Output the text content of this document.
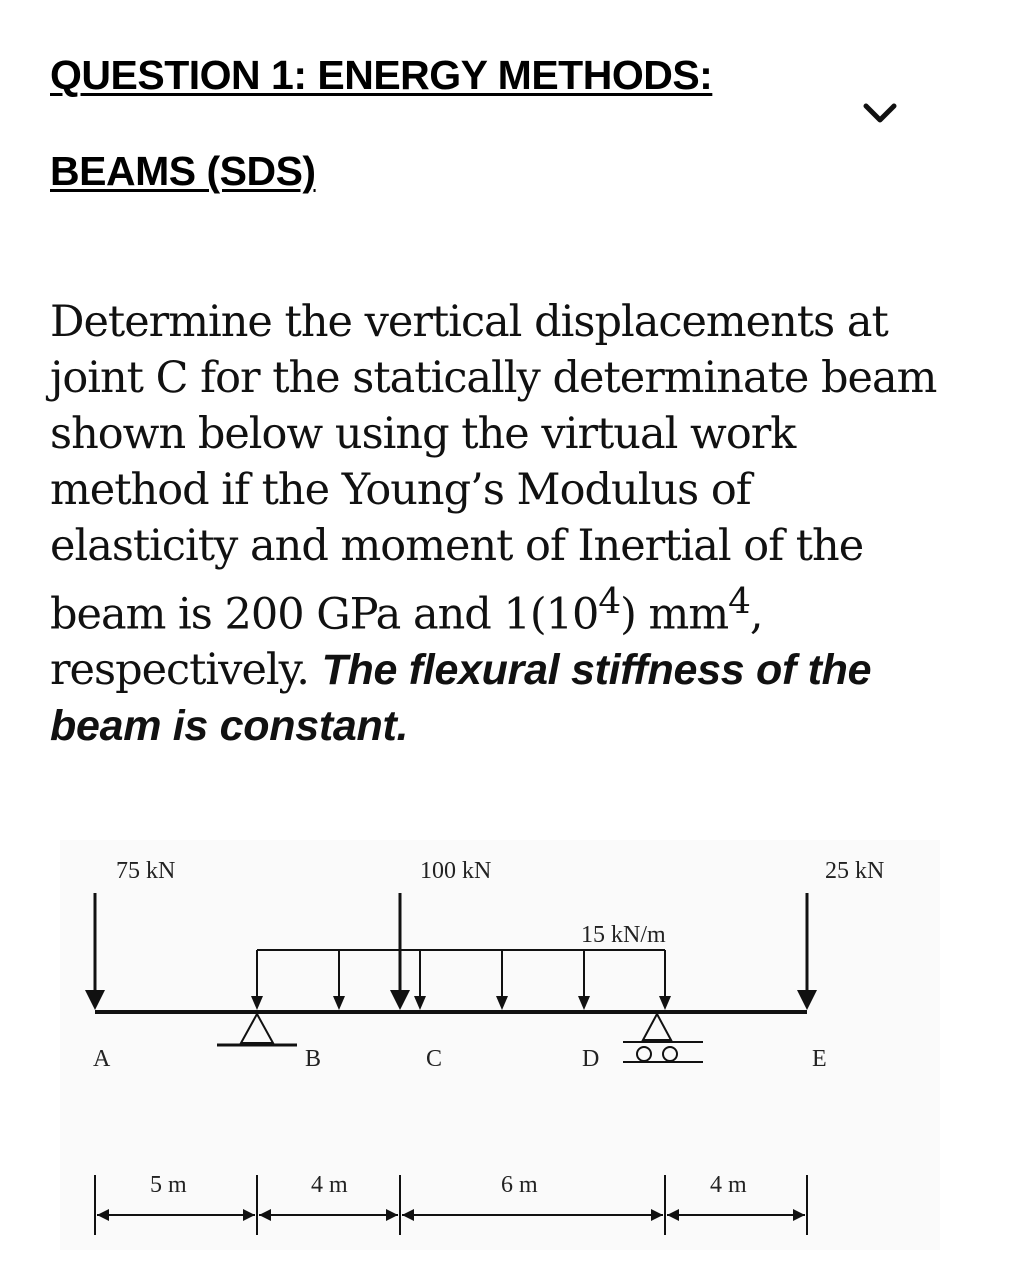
QUESTION 1: ENERGY METHODS:
BEAMS (SDS)

Determine the vertical displacements at joint C for the statically determinate beam shown below using the virtual work method if the Young’s Modulus of elasticity and moment of Inertial of the beam is 200 GPa and $1(10^4)$ $mm^4$, respectively. The flexural stiffness of the beam is constant.

75 kN	100 kN	25 kN
15 kN/m
A	B	C	D	E
5 m	4 m	6 m	4 m
